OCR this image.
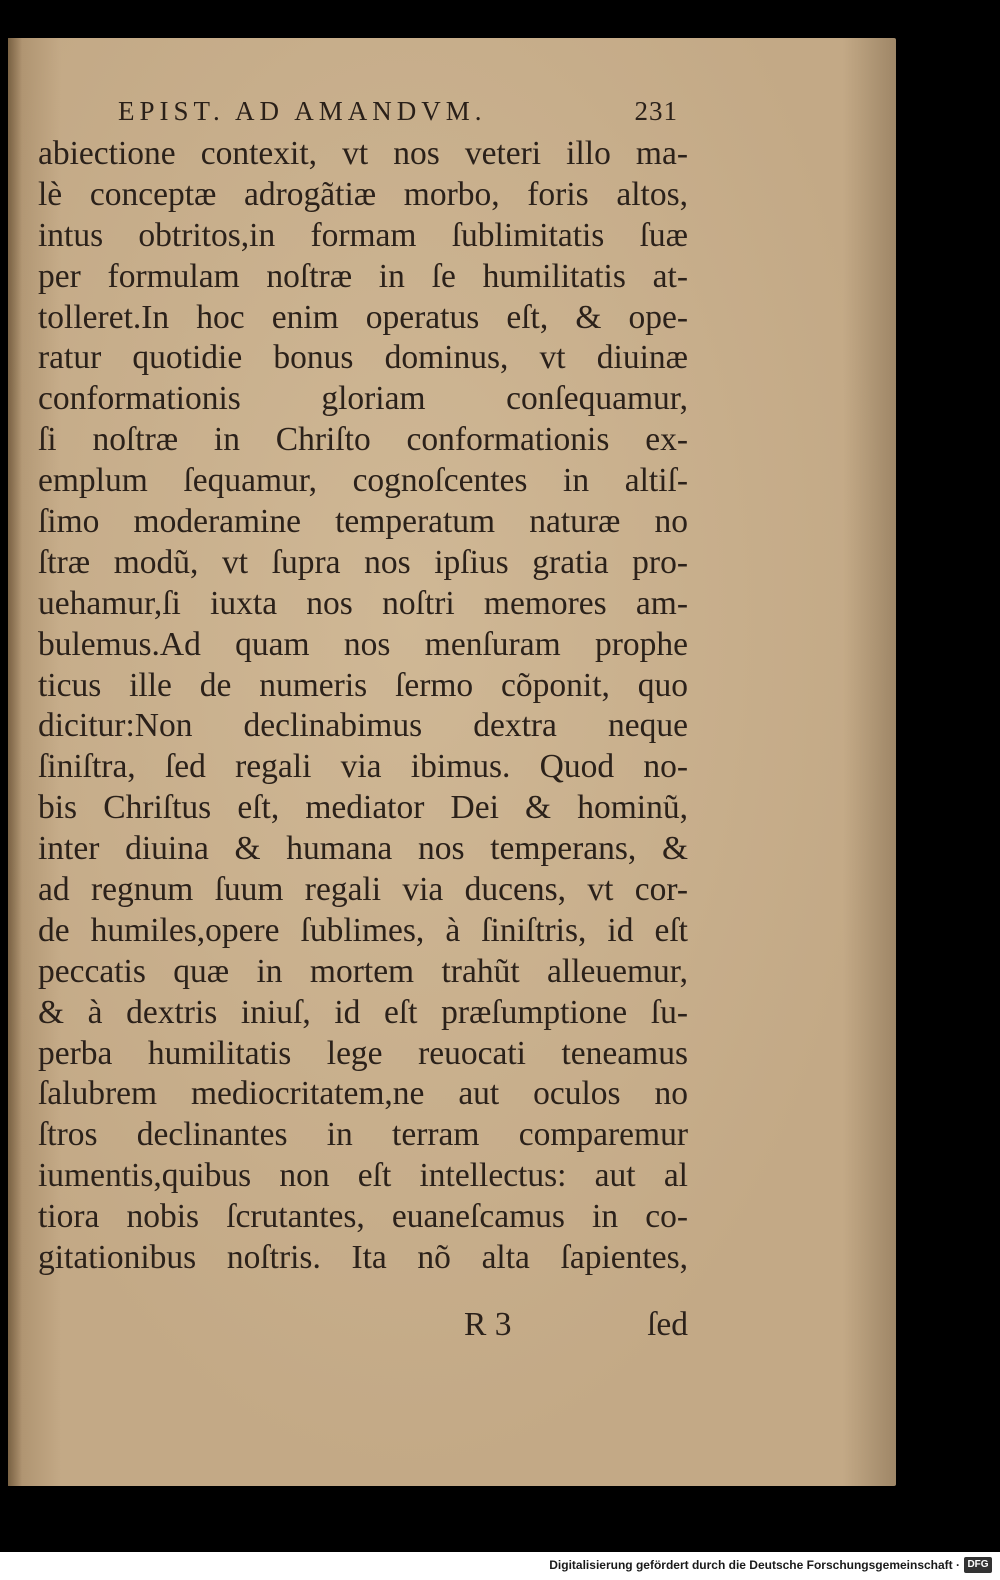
EPIST. AD AMANDVM.	231
abiectione contexit, vt nos veteri illo ma-
lè conceptæ adrogãtiæ morbo, foris altos,
intus obtritos,in formam ſublimitatis ſuæ
per formulam noſtræ in ſe humilitatis at-
tolleret.In hoc enim operatus eſt, & ope-
ratur quotidie bonus dominus, vt diuinæ
conformationis gloriam conſequamur,
ſi noſtræ in Chriſto conformationis ex-
emplum ſequamur, cognoſcentes in altiſ-
ſimo moderamine temperatum naturæ no
ſtræ modũ, vt ſupra nos ipſius gratia pro-
uehamur,ſi iuxta nos noſtri memores am-
bulemus.Ad quam nos menſuram prophe
ticus ille de numeris ſermo cõponit, quo
dicitur:Non declinabimus dextra neque
ſiniſtra, ſed regali via ibimus. Quod no-
bis Chriſtus eſt, mediator Dei & hominũ,
inter diuina & humana nos temperans, &
ad regnum ſuum regali via ducens, vt cor-
de humiles,opere ſublimes, à ſiniſtris, id eſt
peccatis quæ in mortem trahũt alleuemur,
& à dextris iniuſ, id eſt præſumptione ſu-
perba humilitatis lege reuocati teneamus
ſalubrem mediocritatem,ne aut oculos no
ſtros declinantes in terram comparemur
iumentis,quibus non eſt intellectus: aut al
tiora nobis ſcrutantes, euaneſcamus in co-
gitationibus noſtris. Ita nõ alta ſapientes,
R 3	ſed
Digitalisierung gefördert durch die Deutsche Forschungsgemeinschaft · DFG
